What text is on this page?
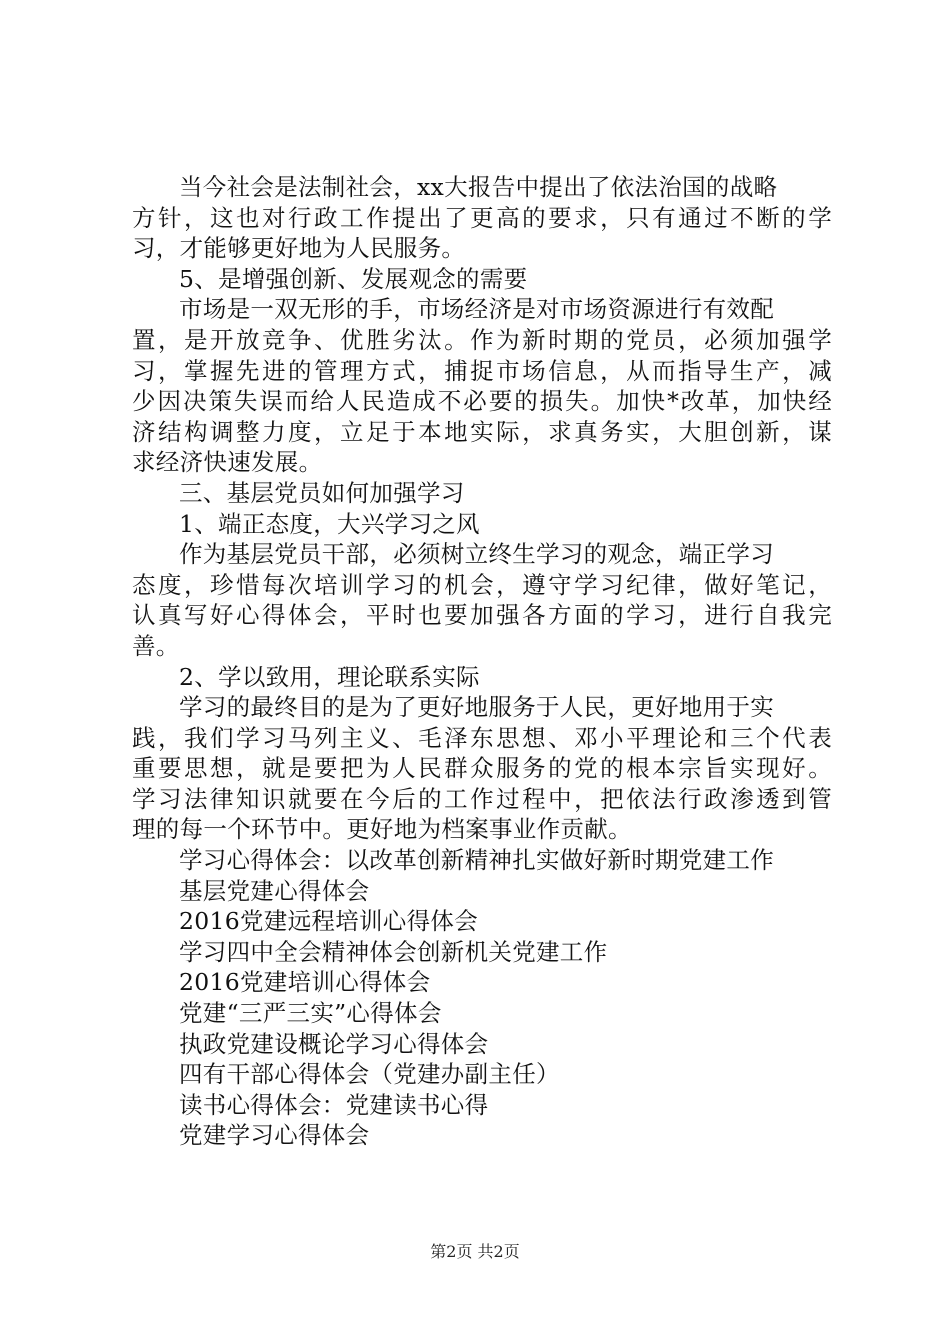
当今社会是法制社会，xx大报告中提出了依法治国的战略
方针，这也对行政工作提出了更高的要求，只有通过不断的学
习，才能够更好地为人民服务。
5、是增强创新、发展观念的需要
市场是一双无形的手，市场经济是对市场资源进行有效配
置，是开放竞争、优胜劣汰。作为新时期的党员，必须加强学
习，掌握先进的管理方式，捕捉市场信息，从而指导生产，减
少因决策失误而给人民造成不必要的损失。加快*改革，加快经
济结构调整力度，立足于本地实际，求真务实，大胆创新，谋
求经济快速发展。
三、基层党员如何加强学习
1、端正态度，大兴学习之风
作为基层党员干部，必须树立终生学习的观念，端正学习
态度，珍惜每次培训学习的机会，遵守学习纪律，做好笔记，
认真写好心得体会，平时也要加强各方面的学习，进行自我完
善。
2、学以致用，理论联系实际
学习的最终目的是为了更好地服务于人民，更好地用于实
践，我们学习马列主义、毛泽东思想、邓小平理论和三个代表
重要思想，就是要把为人民群众服务的党的根本宗旨实现好。
学习法律知识就要在今后的工作过程中，把依法行政渗透到管
理的每一个环节中。更好地为档案事业作贡献。
学习心得体会：以改革创新精神扎实做好新时期党建工作
基层党建心得体会
2016党建远程培训心得体会
学习四中全会精神体会创新机关党建工作
2016党建培训心得体会
党建“三严三实”心得体会
执政党建设概论学习心得体会
四有干部心得体会（党建办副主任）
读书心得体会：党建读书心得
党建学习心得体会
第2页 共2页
